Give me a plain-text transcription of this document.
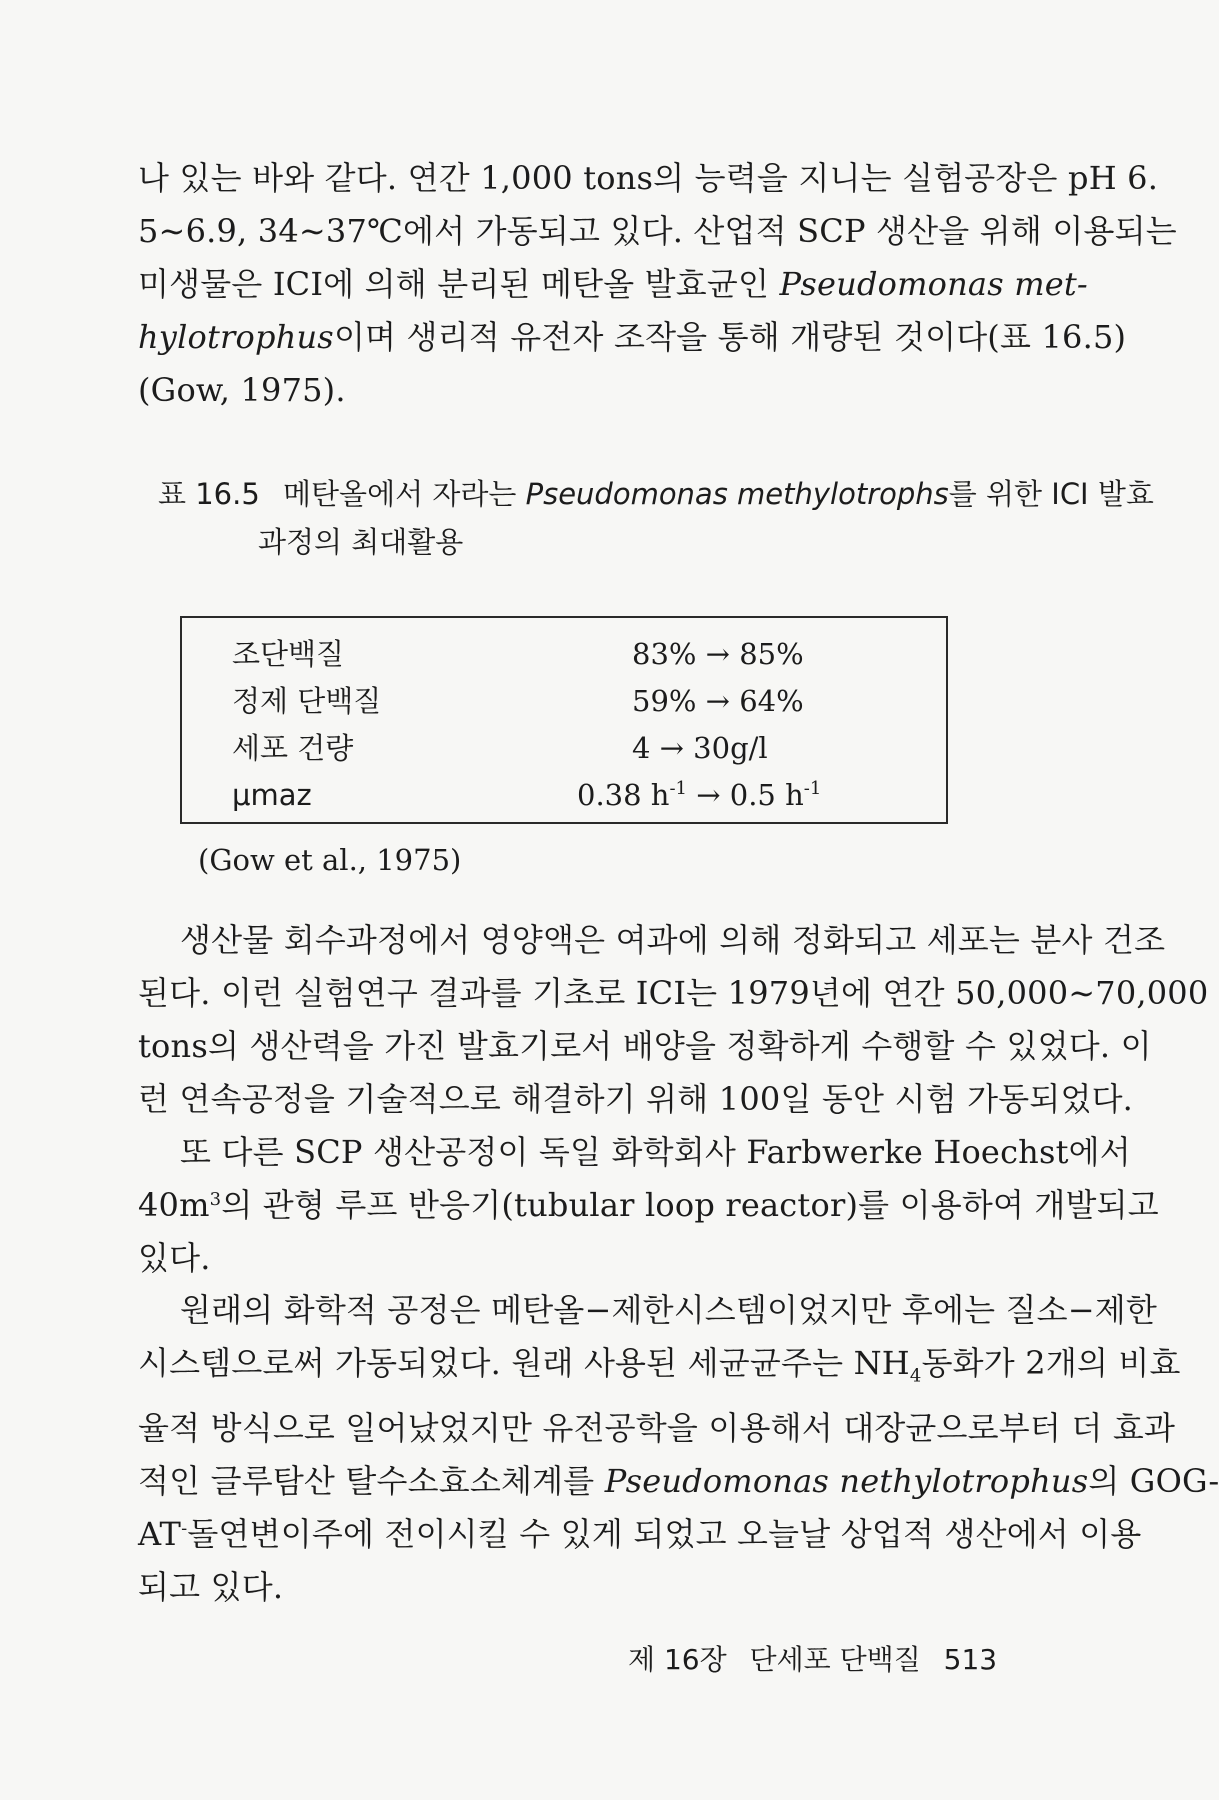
나 있는 바와 같다. 연간 1,000 tons의 능력을 지니는 실험공장은 pH 6.
5∼6.9, 34∼37℃에서 가동되고 있다. 산업적 SCP 생산을 위해 이용되는
미생물은 ICI에 의해 분리된 메탄올 발효균인 Pseudomonas met-
hylotrophus이며 생리적 유전자 조작을 통해 개량된 것이다(표 16.5)
(Gow, 1975).

표 16.5 메탄올에서 자라는 Pseudomonas methylotrophs를 위한 ICI 발효
과정의 최대활용
조단백질	83% → 85%
정제 단백질	59% → 64%
세포 건량	4 → 30g/l
μmaz	0.38 $h^{-1} \to 0.5$ $h^{-1}$
(Gow et al., 1975)

생산물 회수과정에서 영양액은 여과에 의해 정화되고 세포는 분사 건조
된다. 이런 실험연구 결과를 기초로 ICI는 1979년에 연간 50,000∼70,000
tons의 생산력을 가진 발효기로서 배양을 정확하게 수행할 수 있었다. 이
런 연속공정을 기술적으로 해결하기 위해 100일 동안 시험 가동되었다.

또 다른 SCP 생산공정이 독일 화학회사 Farbwerke Hoechst에서
$40m^3$의 관형 루프 반응기(tubular loop reactor)를 이용하여 개발되고
있다.

원래의 화학적 공정은 메탄올−제한시스템이었지만 후에는 질소−제한
시스템으로써 가동되었다. 원래 사용된 세균균주는 $NH_4$동화가 2개의 비효
율적 방식으로 일어났었지만 유전공학을 이용해서 대장균으로부터 더 효과
적인 글루탐산 탈수소효소체계를 Pseudomonas nethylotrophus의 GOG-
AT-돌연변이주에 전이시킬 수 있게 되었고 오늘날 상업적 생산에서 이용
되고 있다.

제 16장 단세포 단백질 513
